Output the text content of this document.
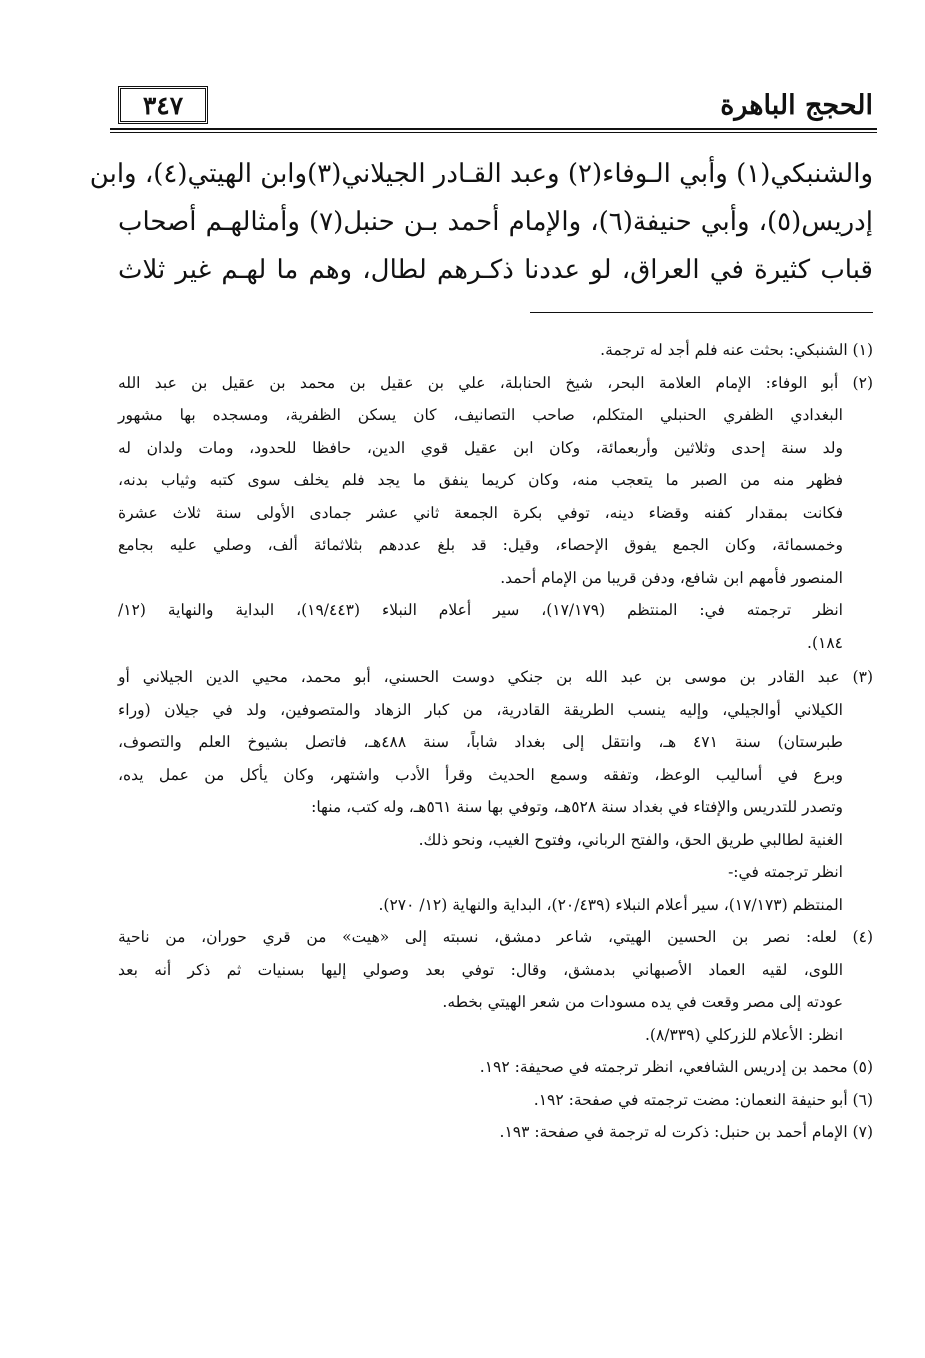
الحجج الباهرة
٣٤٧
والشنبكي(١) وأبي الـوفاء(٢) وعبد القـادر الجيلاني(٣)وابن الهيتي(٤)، وابن
إدريس(٥)، وأبي حنيفة(٦)، والإمام أحمد بـن حنبل(٧) وأمثالهـم أصحاب
قباب كثيرة في العراق، لو عددنا ذكـرهم لطال، وهم ما لهـم غير ثلاث
(١) الشنبكي: بحثت عنه فلم أجد له ترجمة.
(٢) أبو الوفاء: الإمام العلامة البحر، شيخ الحنابلة، علي بن عقيل بن محمد بن عقيل بن عبد الله
البغدادي الظفري الحنبلي المتكلم، صاحب التصانيف، كان يسكن الظفرية، ومسجده بها مشهور
ولد سنة إحدى وثلاثين وأربعمائة، وكان ابن عقيل قوي الدين، حافظا للحدود، ومات ولدان له
فظهر منه من الصبر ما يتعجب منه، وكان كريما ينفق ما يجد فلم يخلف سوى كتبه وثياب بدنه،
فكانت بمقدار كفنه وقضاء دينه، توفي بكرة الجمعة ثاني عشر جمادى الأولى سنة ثلاث عشرة
وخمسمائة، وكان الجمع يفوق الإحصاء، وقيل: قد بلغ عددهم بثلاثمائة ألف، وصلي عليه بجامع
المنصور فأمهم ابن شافع، ودفن قريبا من الإمام أحمد.
انظر ترجمته في: المنتظم (١٧/١٧٩)، سير أعلام النبلاء (١٩/٤٤٣)، البداية والنهاية (١٢/
١٨٤).
(٣) عبد القادر بن موسى بن عبد الله بن جنكي دوست الحسني، أبو محمد، محيي الدين الجيلاني أو
الكيلاني أوالجيلي، وإليه ينسب الطريقة القادرية، من كبار الزهاد والمتصوفين، ولد في جيلان (وراء
طبرستان) سنة ٤٧١ هـ، وانتقل إلى بغداد شاباً، سنة ٤٨٨هـ، فاتصل بشيوخ العلم والتصوف،
وبرع في أساليب الوعظ، وتفقه وسمع الحديث وقرأ الأدب واشتهر، وكان يأكل من عمل يده،
وتصدر للتدريس والإفتاء في بغداد سنة ٥٢٨هـ، وتوفي بها سنة ٥٦١هـ، وله كتب، منها:
الغنية لطالبي طريق الحق، والفتح الرباني، وفتوح الغيب، ونحو ذلك.
انظر ترجمته في:-
المنتظم (١٧/١٧٣)، سير أعلام النبلاء (٢٠/٤٣٩)، البداية والنهاية (١٢/ ٢٧٠).
(٤) لعله: نصر بن الحسين الهيتي، شاعر دمشق، نسبته إلى «هيت» من قري حوران، من ناحية
اللوى، لقيه العماد الأصبهاني بدمشق، وقال: توفي بعد وصولي إليها بسنيات ثم ذكر أنه بعد
عودته إلى مصر وقعت في يده مسودات من شعر الهيتي بخطه.
انظر: الأعلام للزركلي (٨/٣٣٩).
(٥) محمد بن إدريس الشافعي، انظر ترجمته في صحيفة: ١٩٢.
(٦) أبو حنيفة النعمان: مضت ترجمته في صفحة: ١٩٢.
(٧) الإمام أحمد بن حنبل: ذكرت له ترجمة في صفحة: ١٩٣.
